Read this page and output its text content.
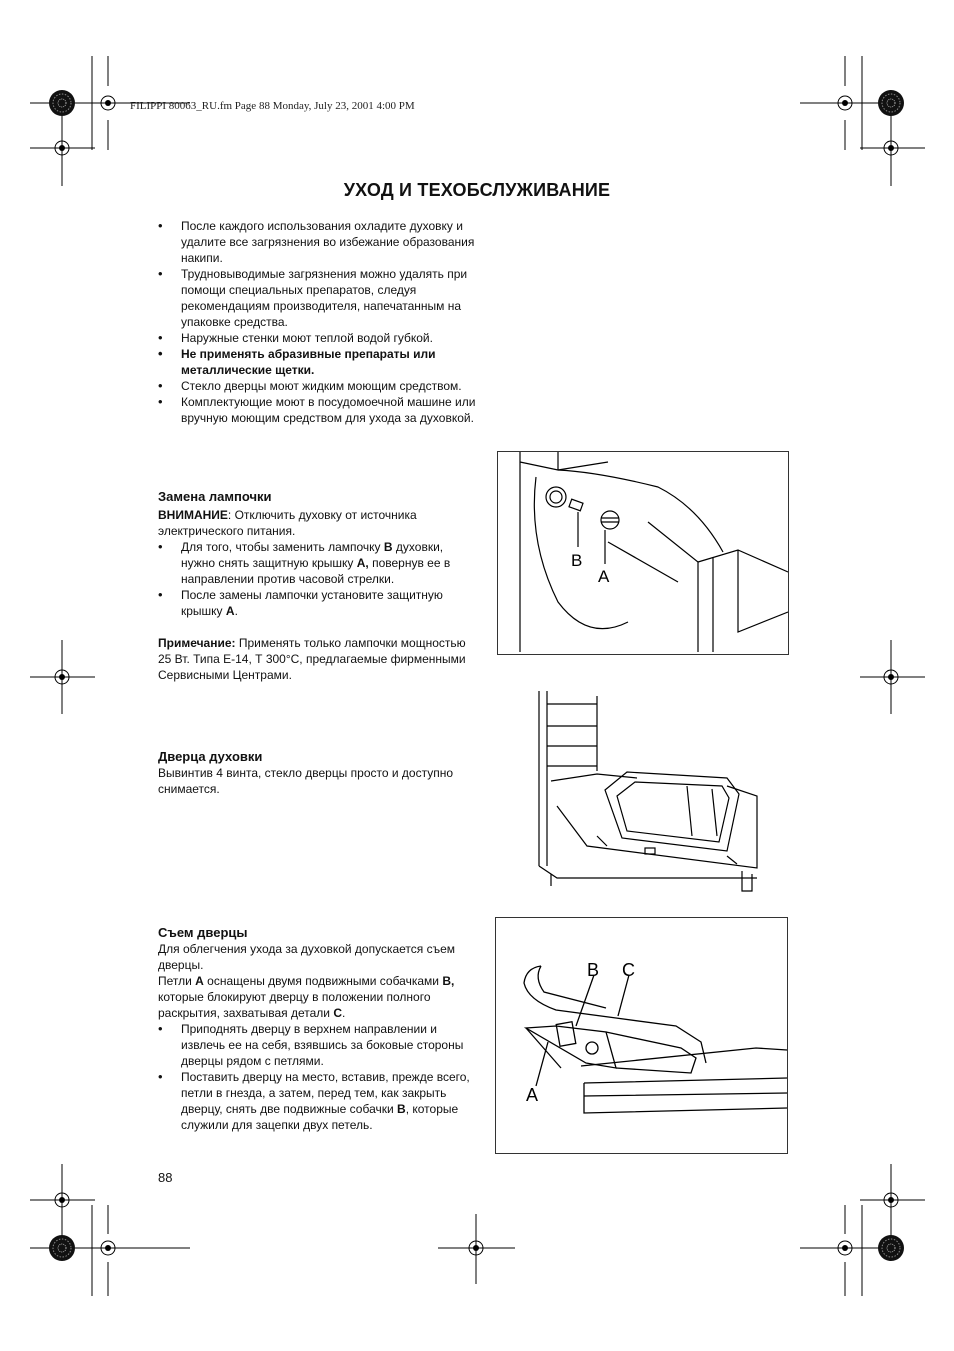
FILIPPI 80063_RU.fm Page 88 Monday, July 23, 2001 4:00 PM
УХОД И ТЕХОБСЛУЖИВАНИЕ
• После каждого использования охладите духовку и удалите все загрязнения во избежание образования накипи.
• Трудновыводимые загрязнения можно удалять при помощи специальных препаратов, следуя рекомендациям производителя, напечатанным на упаковке средства.
• Наружные стенки моют теплой водой губкой.
• Не применять абразивные препараты или металлические щетки.
• Стекло дверцы моют жидким моющим средством.
• Комплектующие моют в посудомоечной машине или вручную моющим средством для ухода за духовкой.
Замена лампочки

ВНИМАНИЕ: Отключить духовку от источника электрического питания.

• Для того, чтобы заменить лампочку B духовки, нужно снять защитную крышку A, повернув ее в направлении против часовой стрелки.
• После замены лампочки установите защитную крышку A.

Примечание: Применять только лампочки мощностью 25 Вт. Типа Е-14, Т 300°С, предлагаемые фирменными Сервисными Центрами.

Дверца духовки

Вывинтив 4 винта, стекло дверцы просто и доступно снимается.

Съем дверцы

Для облегчения ухода за духовкой допускается съем дверцы.

Петли A оснащены двумя подвижными собачками B, которые блокируют дверцу в положении полного раскрытия, захватывая детали C.

• Приподнять дверцу в верхнем направлении и извлечь ее на себя, взявшись за боковые стороны дверцы рядом с петлями.
• Поставить дверцу на место, вставив, прежде всего, петли в гнезда, а затем, перед тем, как закрыть дверцу, снять две подвижные собачки B, которые служили для зацепки двух петель.
B
A
B C
A
88
